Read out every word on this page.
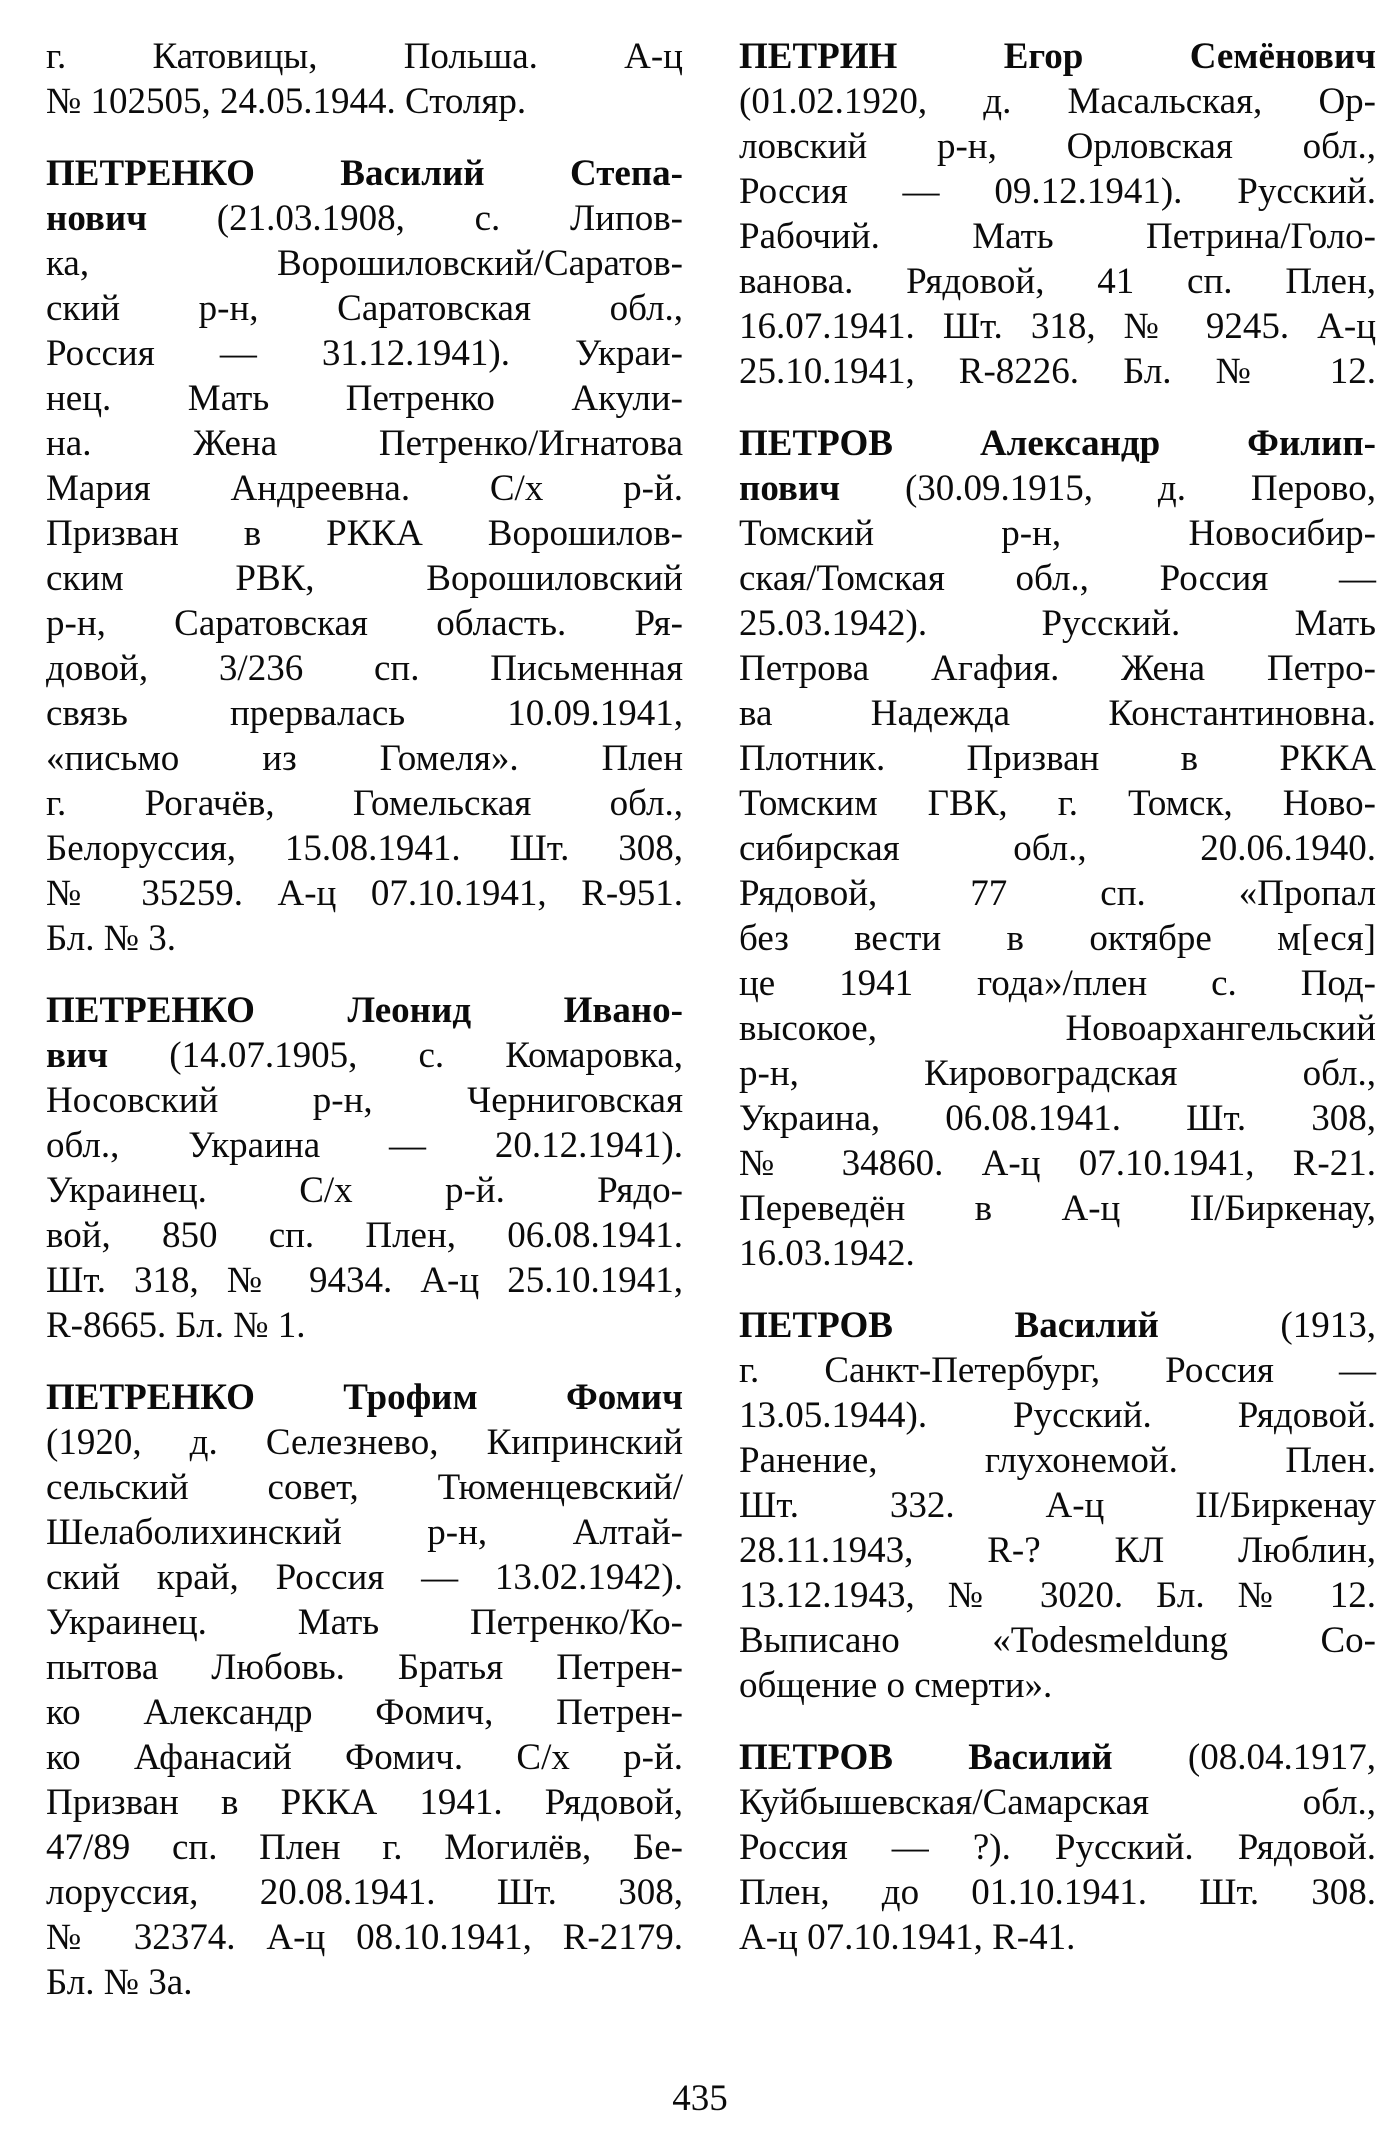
г. Катовицы, Польша. А-ц
№ 102505, 24.05.1944. Столяр.
ПЕТРЕНКО Василий Степа-
нович (21.03.1908, с. Липов-
ка, Ворошиловский/Саратов-
ский р-н, Саратовская обл.,
Россия — 31.12.1941). Украи-
нец. Мать Петренко Акули-
на. Жена Петренко/Игнатова
Мария Андреевна. С/х р-й.
Призван в РККА Ворошилов-
ским РВК, Ворошиловский
р-н, Саратовская область. Ря-
довой, 3/236 сп. Письменная
связь прервалась 10.09.1941,
«письмо из Гомеля». Плен
г. Рогачёв, Гомельская обл.,
Белоруссия, 15.08.1941. Шт. 308,
№ 35259. А-ц 07.10.1941, R-951.
Бл. № 3.
ПЕТРЕНКО Леонид Ивано-
вич (14.07.1905, с. Комаровка,
Носовский р-н, Черниговская
обл., Украина — 20.12.1941).
Украинец. С/х р-й. Рядо-
вой, 850 сп. Плен, 06.08.1941.
Шт. 318, № 9434. А-ц 25.10.1941,
R-8665. Бл. № 1.
ПЕТРЕНКО Трофим Фомич
(1920, д. Селезнево, Кипринский
сельский совет, Тюменцевский/
Шелаболихинский р-н, Алтай-
ский край, Россия — 13.02.1942).
Украинец. Мать Петренко/Ко-
пытова Любовь. Братья Петрен-
ко Александр Фомич, Петрен-
ко Афанасий Фомич. С/х р-й.
Призван в РККА 1941. Рядовой,
47/89 сп. Плен г. Могилёв, Бе-
лоруссия, 20.08.1941. Шт. 308,
№ 32374. А-ц 08.10.1941, R-2179.
Бл. № 3а.
ПЕТРИН Егор Семёнович
(01.02.1920, д. Масальская, Ор-
ловский р-н, Орловская обл.,
Россия — 09.12.1941). Русский.
Рабочий. Мать Петрина/Голо-
ванова. Рядовой, 41 сп. Плен,
16.07.1941. Шт. 318, № 9245. А-ц
25.10.1941, R-8226. Бл. № 12.
ПЕТРОВ Александр Филип-
пович (30.09.1915, д. Перово,
Томский р-н, Новосибир-
ская/Томская обл., Россия —
25.03.1942). Русский. Мать
Петрова Агафия. Жена Петро-
ва Надежда Константиновна.
Плотник. Призван в РККА
Томским ГВК, г. Томск, Ново-
сибирская обл., 20.06.1940.
Рядовой, 77 сп. «Пропал
без вести в октябре м[еся]
це 1941 года»/плен с. Под-
высокое, Новоархангельский
р-н, Кировоградская обл.,
Украина, 06.08.1941. Шт. 308,
№ 34860. А-ц 07.10.1941, R-21.
Переведён в А-ц II/Биркенау,
16.03.1942.
ПЕТРОВ Василий (1913,
г. Санкт-Петербург, Россия —
13.05.1944). Русский. Рядовой.
Ранение, глухонемой. Плен.
Шт. 332. А-ц II/Биркенау
28.11.1943, R-? КЛ Люблин,
13.12.1943, № 3020. Бл. № 12.
Выписано «Todesmeldung Со-
общение о смерти».
ПЕТРОВ Василий (08.04.1917,
Куйбышевская/Самарская обл.,
Россия — ?). Русский. Рядовой.
Плен, до 01.10.1941. Шт. 308.
А-ц 07.10.1941, R-41.
435
